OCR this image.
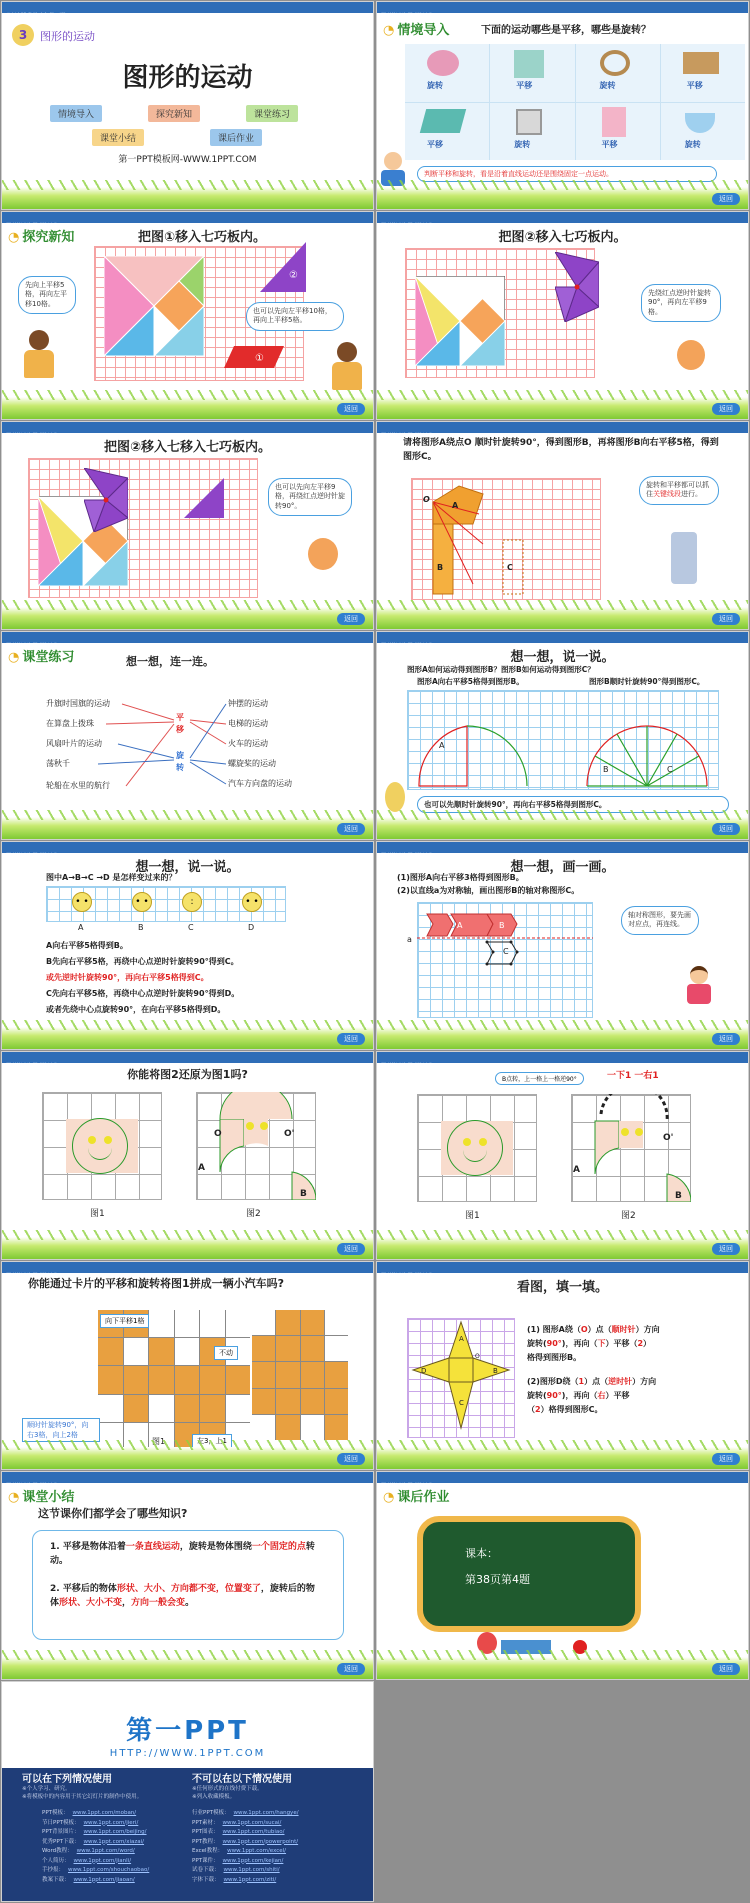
北师大版 数学 六年级 下册
3	图形的运动
图形的运动
情境导入	探究新知	课堂练习
课堂小结	课后作业
第一PPT模板网-WWW.1PPT.COM
图形的运动 图形的运动
◔ 情境导入	下面的运动哪些是平移，哪些是旋转？
旋转	平移	旋转	平移
平移	旋转	平移	旋转
判断平移和旋转，看是沿着直线运动还是围绕固定一点运动。
返回
图形的运动 图形的运动
◔ 探究新知	把图①移入七巧板内。
②
①
先向上平移5格，再向左平移10格。
也可以先向左平移10格，再向上平移5格。
返回
图形的运动 图形的运动
把图②移入七巧板内。
先绕红点逆时针旋转90°，再向左平移9格。
返回
图形的运动 图形的运动
把图②移入七移入七巧板内。
也可以先向左平移9格，再绕红点逆时针旋转90°。
返回
图形的运动 图形的运动
请将图形A绕点O 顺时针旋转90°，得到图形B，再将图形B向右平移5格，得到图形C。
A
B	C
O
旋转和平移都可以抓住关键线段进行。
返回
图形的运动 图形的运动
◔ 课堂练习	想一想，连一连。
升旗时国旗的运动
在算盘上拨珠
风扇叶片的运动
荡秋千
轮船在水里的航行
钟摆的运动
电梯的运动
火车的运动
螺旋桨的运动
汽车方向盘的运动
平移
旋转
返回
图形的运动 图形的运动
想一想，说一说。
图形A如何运动得到图形B？图形B如何运动得到图形C？
图形A向右平移5格得到图形B。	图形B顺时针旋转90°得到图形C。
A
B	C
也可以先顺时针旋转90°，再向右平移5格得到图形C。
返回
图形的运动 图形的运动
想一想，说一说。
图中A→B→C →D 是怎样变过来的？
• •	• •	:	• •
A	B	C	D
A向右平移5格得到B。
B先向右平移5格，再绕中心点逆时针旋转90°得到C。
或先逆时针旋转90°，再向右平移5格得到C。
C先向右平移5格，再绕中心点逆时针旋转90°得到D。
或者先绕中心点旋转90°，在向右平移5格得到D。
返回
图形的运动 图形的运动
想一想，画一画。
(1)图形A向右平移3格得到图形B。
(2)以直线a为对称轴，画出图形B的轴对称图形C。
A	B
C
a
轴对称图形，要先画对应点，再连线。
返回
图形的运动 图形的运动
你能将图2还原为图1吗?
图1
A
O	O'
B
图2
返回
图形的运动 图形的运动
B点转，上一格上一格逆90°	一下1 一右1
图1
A
O'
B
图2
返回
图形的运动 图形的运动
你能通过卡片的平移和旋转将图1拼成一辆小汽车吗?
向下平移1格
不动
顺时针旋转90°，向右3格，向上2格
返回
图形的运动 图形的运动
看图，填一填。
A
B
C
D
O
(1) 图形A绕（O）点（顺时针）方向
旋转(90°)，再向（下）平移（2）
格得到图形B。
(2)图形D绕（1）点（逆时针）方向
旋转(90°)，再向（右）平移
（2）格得到图形C。
返回
图形的运动 图形的运动
◔ 课堂小结
这节课你们都学会了哪些知识?
1. 平移是物体沿着一条直线运动，旋转是物体围绕一个固定的点转动。
2. 平移后的物体形状、大小、方向都不变，位置变了，旋转后的物体形状、大小不变，方向一般会变。
返回
图形的运动 图形的运动
◔ 课后作业
课本：
第38页第4题
返回
第一PPT
HTTP://WWW.1PPT.COM
可以在下列情况使用	不可以在以下情况使用
※个人学习、研究。
※将模板中的内容用于其它幻灯片的制作中使用。
※任何形式的在线付费下载。
※列入收藏模板。
PPT模板： www.1ppt.com/moban/
节日PPT模板： www.1ppt.com/jieri/
PPT背景图片： www.1ppt.com/beijing/
优秀PPT下载： www.1ppt.com/xiazai/
Word教程： www.1ppt.com/word/
个人简历： www.1ppt.com/jianli/
手抄报： www.1ppt.com/shouchaobao/
教案下载： www.1ppt.com/jiaoan/
行业PPT模板： www.1ppt.com/hangye/
PPT素材： www.1ppt.com/sucai/
PPT图表： www.1ppt.com/tubiao/
PPT教程： www.1ppt.com/powerpoint/
Excel教程： www.1ppt.com/excel/
PPT课件： www.1ppt.com/kejian/
试卷下载： www.1ppt.com/shiti/
字体下载： www.1ppt.com/ziti/
